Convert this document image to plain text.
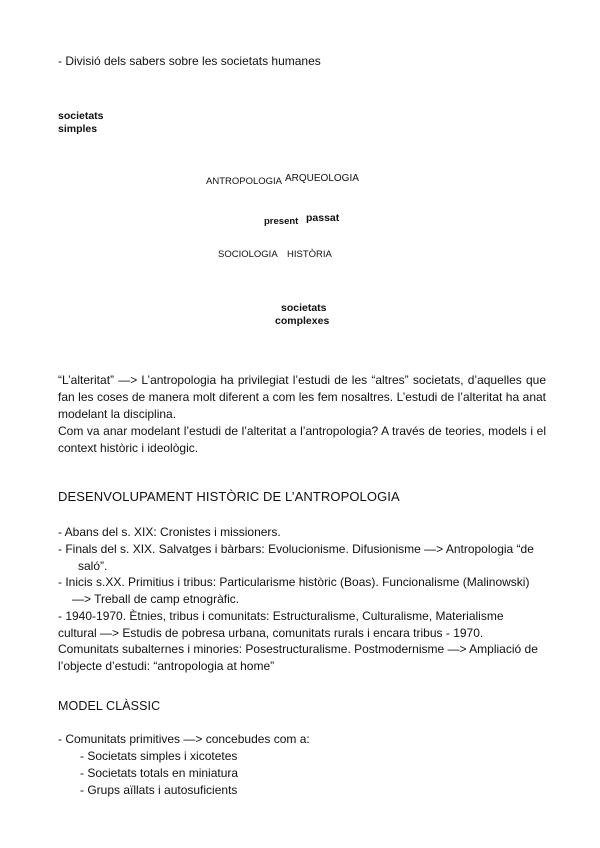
- Divisió dels sabers sobre les societats humanes
societats
simples
ANTROPOLOGIA ARQUEOLOGIA
present passat
SOCIOLOGIA HISTÒRIA
societats
complexes
“L’alteritat” —> L’antropologia ha privilegiat l’estudi de les “altres” societats, d’aquelles que fan les coses de manera molt diferent a com les fem nosaltres. L’estudi de l’alteritat ha anat modelant la disciplina.
Com va anar modelant l’estudi de l’alteritat a l’antropologia? A través de teories, models i el context històric i ideològic.
DESENVOLUPAMENT HISTÒRIC DE L’ANTROPOLOGIA
- Abans del s. XIX: Cronistes i missioners.
- Finals del s. XIX. Salvatges i bàrbars: Evolucionisme. Difusionisme —> Antropologia “de
saló”.
- Inicis s.XX. Primitius i tribus: Particularisme històric (Boas). Funcionalisme (Malinowski)
—> Treball de camp etnogràfic.
- 1940-1970. Ètnies, tribus i comunitats: Estructuralisme, Culturalisme, Materialisme
cultural —> Estudis de pobresa urbana, comunitats rurals i encara tribus - 1970.
Comunitats subalternes i minories: Posestructuralisme. Postmodernisme —> Ampliació de
l’objecte d’estudi: “antropologia at home”
MODEL CLÀSSIC
- Comunitats primitives —> concebudes com a:
- Societats simples i xicotetes
- Societats totals en miniatura
- Grups aïllats i autosuficients
